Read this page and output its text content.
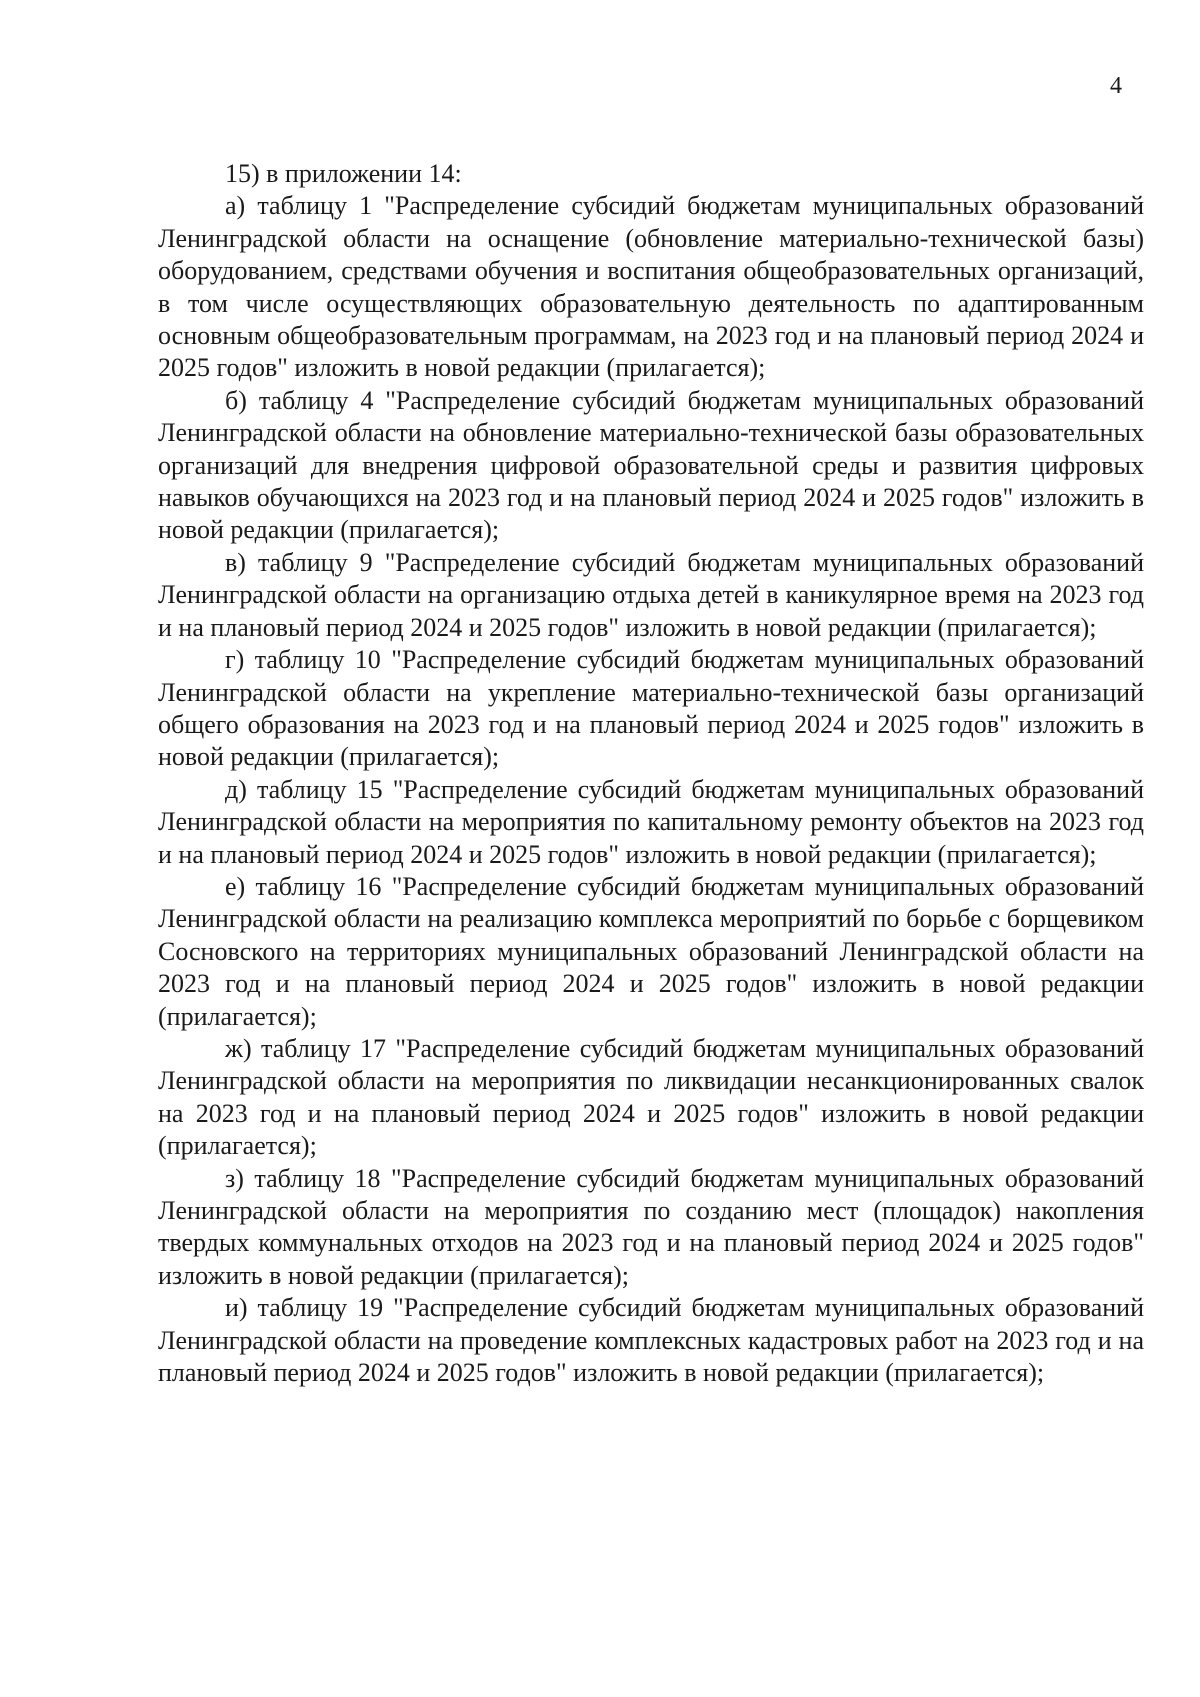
4

15) в приложении 14:

а) таблицу 1 "Распределение субсидий бюджетам муниципальных образований Ленинградской области на оснащение (обновление материально-технической базы) оборудованием, средствами обучения и воспитания общеобразовательных организаций, в том числе осуществляющих образовательную деятельность по адаптированным основным общеобразовательным программам, на 2023 год и на плановый период 2024 и 2025 годов" изложить в новой редакции (прилагается);

б) таблицу 4 "Распределение субсидий бюджетам муниципальных образований Ленинградской области на обновление материально-технической базы образовательных организаций для внедрения цифровой образовательной среды и развития цифровых навыков обучающихся на 2023 год и на плановый период 2024 и 2025 годов" изложить в новой редакции (прилагается);

в) таблицу 9 "Распределение субсидий бюджетам муниципальных образований Ленинградской области на организацию отдыха детей в каникулярное время на 2023 год и на плановый период 2024 и 2025 годов" изложить в новой редакции (прилагается);

г) таблицу 10 "Распределение субсидий бюджетам муниципальных образований Ленинградской области на укрепление материально-технической базы организаций общего образования на 2023 год и на плановый период 2024 и 2025 годов" изложить в новой редакции (прилагается);

д) таблицу 15 "Распределение субсидий бюджетам муниципальных образований Ленинградской области на мероприятия по капитальному ремонту объектов на 2023 год и на плановый период 2024 и 2025 годов" изложить в новой редакции (прилагается);

е) таблицу 16 "Распределение субсидий бюджетам муниципальных образований Ленинградской области на реализацию комплекса мероприятий по борьбе с борщевиком Сосновского на территориях муниципальных образований Ленинградской области на 2023 год и на плановый период 2024 и 2025 годов" изложить в новой редакции (прилагается);

ж) таблицу 17 "Распределение субсидий бюджетам муниципальных образований Ленинградской области на мероприятия по ликвидации несанкционированных свалок на 2023 год и на плановый период 2024 и 2025 годов" изложить в новой редакции (прилагается);

з) таблицу 18 "Распределение субсидий бюджетам муниципальных образований Ленинградской области на мероприятия по созданию мест (площадок) накопления твердых коммунальных отходов на 2023 год и на плановый период 2024 и 2025 годов" изложить в новой редакции (прилагается);

и) таблицу 19 "Распределение субсидий бюджетам муниципальных образований Ленинградской области на проведение комплексных кадастровых работ на 2023 год и на плановый период 2024 и 2025 годов" изложить в новой редакции (прилагается);
